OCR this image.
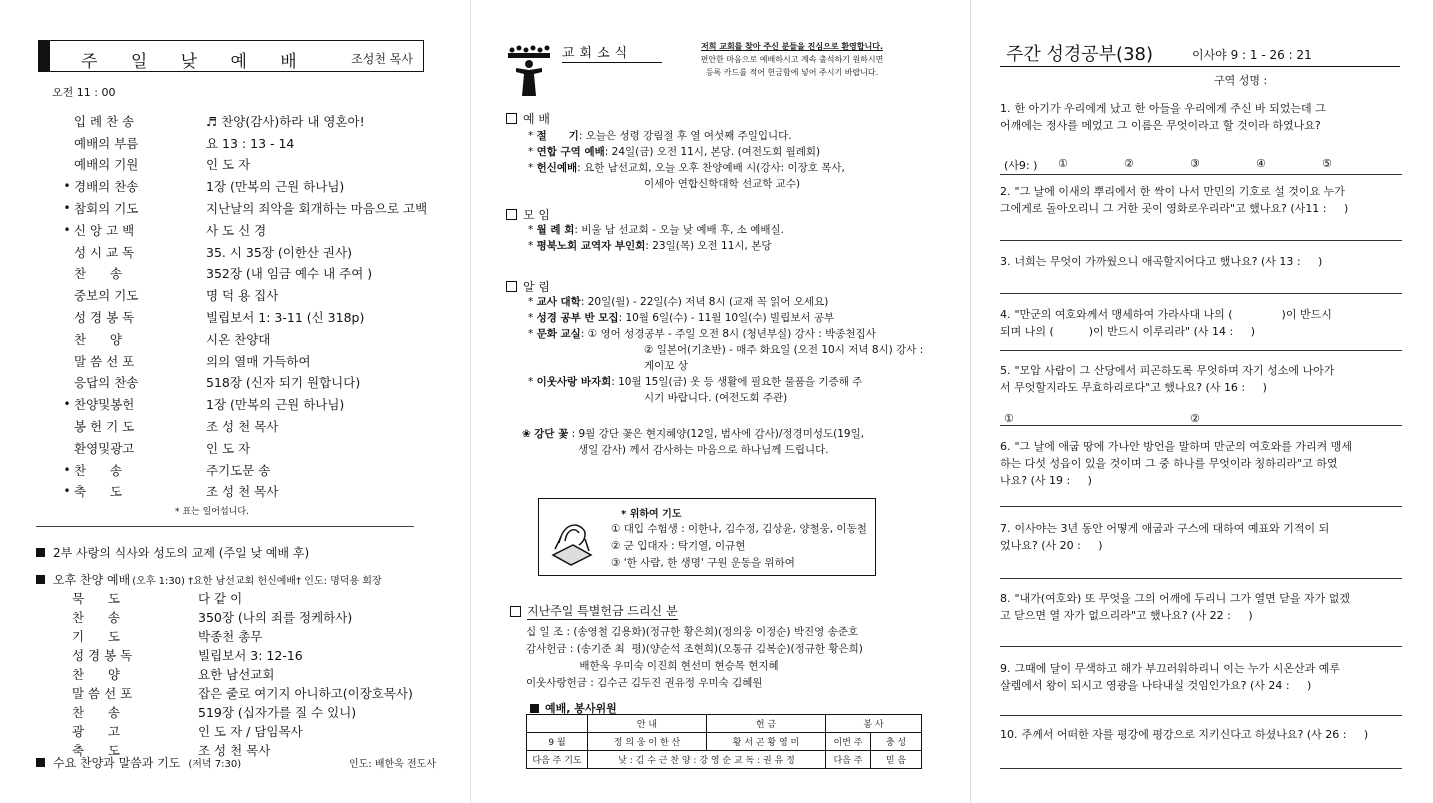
주 일 낮 예 배	조성천 목사
오전 11 : 00
입 례 찬 송	♬ 찬양(감사)하라 내 영혼아!
예배의 부름	요 13 : 13 - 14
예배의 기원	인 도 자
• 경배의 찬송	1장 (만복의 근원 하나님)
• 참회의 기도	지난날의 죄악을 회개하는 마음으로 고백
• 신 앙 고 백	사 도 신 경
성 시 교 독	35. 시 35장 (이한산 권사)
찬      송	352장 (내 임금 예수 내 주여 )
중보의 기도	명 덕 용 집사
성 경 봉 독	빌립보서 1: 3-11 (신 318p)
찬      양	시온 찬양대
말 씀 선 포	의의 열매 가득하여
응답의 찬송	518장 (신자 되기 원합니다)
• 찬양및봉헌	1장 (만복의 근원 하나님)
봉 헌 기 도	조 성 천 목사
환영및광고	인 도 자
• 찬      송	주기도문 송
• 축      도	조 성 천 목사
* 표는 일어섭니다.
2부 사랑의 식사와 성도의 교제 (주일 낮 예배 후)
오후 찬양 예배 (오후 1:30) †요한 남선교회 헌신예배† 인도: 명덕용 회장
묵      도	다 같 이
찬      송	350장 (나의 죄를 정케하사)
기      도	박종천 총무
성 경 봉 독	빌립보서 3: 12-16
찬      양	요한 남선교회
말 씀 선 포	잡은 줄로 여기지 아니하고(이장호목사)
찬      송	519장 (십자가를 질 수 있니)
광      고	인 도 자 / 담임목사
축      도	조 성 천 목사
수요 찬양과 말씀과 기도 (저녁 7:30)	인도: 배한욱 전도사
교회소식	저희 교회를 찾아 주신 분들을 진심으로 환영합니다.
편안한 마음으로 예배하시고 계속 출석하기 원하시면
등록 카드를 적어 헌금함에 넣어 주시기 바랍니다.
예 배
* 절      기: 오늘은 성령 강림절 후 열 여섯째 주일입니다.
* 연합 구역 예배: 24일(금) 오전 11시, 본당. (여전도회 월례회)
* 헌신예배: 요한 남선교회, 오늘 오후 찬양예배 시(강사: 이장호 목사,
이세아 연합신학대학 선교학 교수)
모 임
* 월 례 회: 비울 남 선교회 - 오늘 낮 예배 후, 소 예배실.
* 평북노회 교역자 부인회: 23일(목) 오전 11시, 본당
알 림
* 교사 대학: 20일(월) - 22일(수) 저녁 8시 (교재 꼭 읽어 오세요)
* 성경 공부 반 모집: 10월 6일(수) - 11월 10일(수) 빌립보서 공부
* 문화 교실: ① 영어 성경공부 - 주일 오전 8시 (청년부실) 강사 : 박종천집사
② 일본어(기초반) - 매주 화요일 (오전 10시 저녁 8시) 강사 : 게이꼬 상
* 이웃사랑 바자회: 10월 15일(금) 옷 등 생활에 필요한 물품을 기증해 주
시기 바랍니다. (여전도회 주관)
❀ 강단 꽃 : 9월 강단 꽃은 현지혜양(12일, 범사에 감사)/정경미성도(19일,
생일 감사) 께서 감사하는 마음으로 하나님께 드립니다.
* 위하여 기도
① 대입 수험생 : 이한나, 김수정, 김상윤, 양철웅, 이동철
② 군 입대자 : 탁기열, 이규현
③ '한 사람, 한 생명' 구원 운동을 위하여
지난주일 특별헌금 드리신 분
십 일 조 : (송영철 김용화)(정규한 황은희)(정의웅 이정순) 박진영 송준호
감사헌금 : (송기준 최  평)(양순석 조현희)(오통규 김복순)(정규한 황은희)
배한욱 우미숙 이진희 현선미 현승목 현지혜
이웃사랑헌금 : 김수근 김두진 권유정 우미숙 김혜원
예배, 봉사위원
	안 내	헌 금	봉 사	
9 월	정 의 웅 이 한 산	황 서 곤 황 영 미	이번 주	충 성
다음 주 기도	낮 : 김 수 근 찬 양 : 강 영 순 교 독 : 권 유 정		다음 주	믿 음
주간 성경공부(38)	이사야 9 : 1 - 26 : 21
구역 성명 :
1. 한 아기가 우리에게 났고 한 아들을 우리에게 주신 바 되었는데 그
어깨에는 정사를 메었고 그 이름은 무엇이라고 할 것이라 하였나요?
2. "그 날에 이새의 뿌리에서 한 싹이 나서 만민의 기호로 설 것이요 누가
그에게로 돌아오리니 그 거한 곳이 영화로우리라"고 했나요? (사11 :     )
3. 너희는 무엇이 가까웠으니 애곡할지어다고 했나요? (사 13 :     )
4. "만군의 여호와께서 맹세하여 가라사대 나의 (              )이 반드시
되며 나의 (          )이 반드시 이루리라" (사 14 :     )
5. "모압 사람이 그 산당에서 피곤하도록 무엇하며 자기 성소에 나아가
서 무엇할지라도 무효하리로다"고 했나요? (사 16 :     )
6. "그 날에 애굽 땅에 가나안 방언을 말하며 만군의 여호와를 가리켜 맹세
하는 다섯 성읍이 있을 것이며 그 중 하나를 무엇이라 칭하리라"고 하였
나요? (사 19 :     )
7. 이사야는 3년 동안 어떻게 애굽과 구스에 대하여 예표와 기적이 되
었나요? (사 20 :     )
8. "내가(여호와) 또 무엇을 그의 어깨에 두리니 그가 열면 닫을 자가 없겠
고 닫으면 열 자가 없으리라"고 했나요? (사 22 :     )
9. 그때에 달이 무색하고 해가 부끄러워하리니 이는 누가 시온산과 예루
살렘에서 왕이 되시고 영광을 나타내실 것임인가요? (사 24 :     )
10. 주께서 어떠한 자를 평강에 평강으로 지키신다고 하셨나요? (사 26 :     )
(사9: )	①	②	③	④	⑤
①	②
